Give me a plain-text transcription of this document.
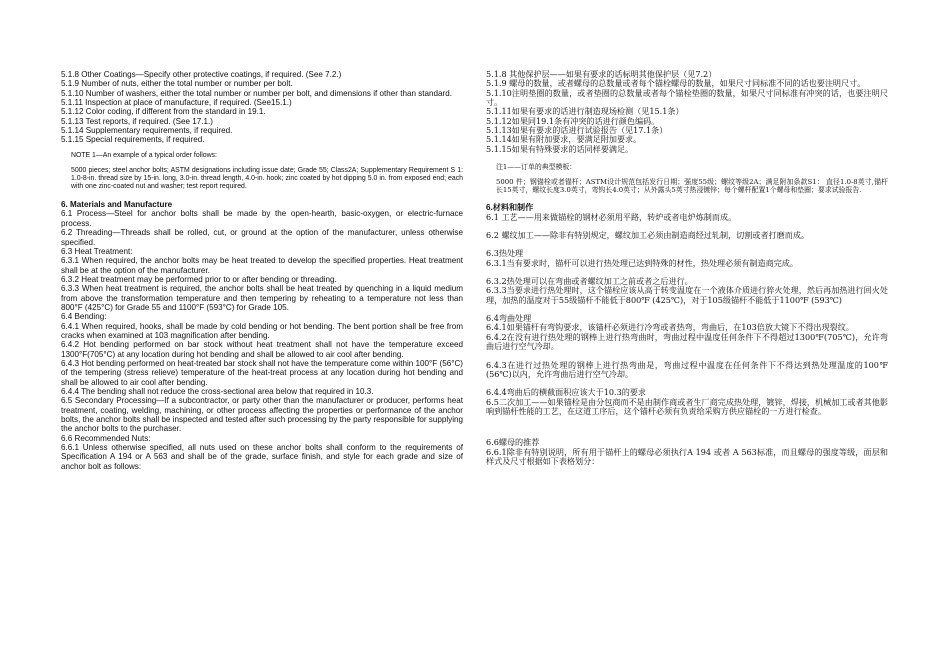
5.1.8 Other Coatings—Specify other protective coatings, if required. (See 7.2.)

5.1.9 Number of nuts, either the total number or number per bolt.

5.1.10 Number of washers, either the total number or number per bolt, and dimensions if other than standard.

5.1.11 Inspection at place of manufacture, if required. (See15.1.)

5.1.12 Color coding, if different from the standard in 19.1.

5.1.13 Test reports, if required. (See 17.1.)

5.1.14 Supplementary requirements, if required.

5.1.15 Special requirements, if required.

NOTE 1—An example of a typical order follows:

5000 pieces; steel anchor bolts; ASTM designations including issue date; Grade 55; Class2A; Supplementary Requirement S 1: 1.0-8-in. thread size by 15-in. long, 3.0-in. thread length, 4.0-in. hook; zinc coated by hot dipping 5.0 in. from exposed end; each with one zinc-coated nut and washer; test report required.

6. Materials and Manufacture

6.1 Process—Steel for anchor bolts shall be made by the open-hearth, basic-oxygen, or electric-furnace process.

6.2 Threading—Threads shall be rolled, cut, or ground at the option of the manufacturer, unless otherwise specified.

6.3 Heat Treatment:

6.3.1 When required, the anchor bolts may be heat treated to develop the specified properties. Heat treatment shall be at the option of the manufacturer.

6.3.2 Heat treatment may be performed prior to or after bending or threading.

6.3.3 When heat treatment is required, the anchor bolts shall be heat treated by quenching in a liquid medium from above the transformation temperature and then tempering by reheating to a temperature not less than 800°F (425°C) for Grade 55 and 1100°F (593°C) for Grade 105.

6.4 Bending:

6.4.1 When required, hooks, shall be made by cold bending or hot bending. The bent portion shall be free from cracks when examined at 103 magnification after bending.

6.4.2 Hot bending performed on bar stock without heat treatment shall not have the temperature exceed 1300°F(705°C) at any location during hot bending and shall be allowed to air cool after bending.

6.4.3 Hot bending performed on heat-treated bar stock shall not have the temperature come within 100°F (56°C) of the tempering (stress relieve) temperature of the heat-treat process at any location during hot bending and shall be allowed to air cool after bending.

6.4.4 The bending shall not reduce the cross-sectional area below that required in 10.3.

6.5 Secondary Processing—If a subcontractor, or party other than the manufacturer or producer, performs heat treatment, coating, welding, machining, or other process affecting the properties or performance of the anchor bolts, the anchor bolts shall be inspected and tested after such processing by the party responsible for supplying the anchor bolts to the purchaser.

6.6 Recommended Nuts:

6.6.1 Unless otherwise specified, all nuts used on these anchor bolts shall conform to the requirements of Specification A 194 or A 563 and shall be of the grade, surface finish, and style for each grade and size of anchor bolt as follows:

5.1.8 其他保护层——如果有要求的话标明其他保护层（见7.2）

5.1.9 螺母的数量，或者螺母的总数量或者每个锚栓螺母的数量，如果尺寸同标准不同的话也要注明尺寸。

5.1.10注明垫圈的数量，或者垫圈的总数量或者每个锚栓垫圈的数量，如果尺寸同标准有冲突的话，也要注明尺寸。

5.1.11如果有要求的话进行制造现场检测（见15.1条）

5.1.12如果同19.1条有冲突的话进行颜色编码。

5.1.13如果有要求的话进行试验报告（见17.1条）

5.1.14如果有附加要求，要满足附加要求。

5.1.15如果有特殊要求的话同样要满足。

注1——订单的典型模板：

5000 件；钢锚栓或者锚杆；ASTM设计规范包括发行日期；强度55级；螺纹等级2A；满足附加条款S1： 直径1.0-8英寸,锚杆长15英寸，螺纹长度3.0英寸，弯钩长4.0英寸；从外露头5英寸热浸镀锌；每个螺杆配置1个螺母和垫圈；要求试验报告.

6.材料和制作

6.1 工艺——用来做锚栓的钢材必须用平路，转炉或者电炉炼制而成。

6.2 螺纹加工——除非有特别规定，螺纹加工必须由制造商经过轧制，切割或者打磨而成。

6.3热处理

6.3.1当有要求时，锚杆可以进行热处理已达到特殊的材性，热处理必须有制造商完成。

6.3.2热处理可以在弯曲或者螺纹加工之前或者之后进行。

6.3.3当要求进行热处理时，这个锚栓应该从高于转变温度在一个液体介质进行猝火处理，然后再加热进行回火处理，加热的温度对于55级锚杆不能低于800℉ (425℃)，对于105级锚杆不能低于1100℉ (593℃)

6.4弯曲处理

6.4.1如果锚杆有弯钩要求，该锚杆必须进行冷弯或者热弯，弯曲后，在103倍放大镜下不得出现裂纹。

6.4.2在没有进行热处理的钢棒上进行热弯曲时，弯曲过程中温度任何条件下不得超过1300℉(705℃)，允许弯曲后进行空气冷却。

6.4.3在进行过热处理的钢棒上进行热弯曲是，弯曲过程中温度在任何条件下不得达到热处理温度的100℉ (56℃)以内，允许弯曲后进行空气冷却。

6.4.4弯曲后的横截面积应该大于10.3的要求

6.5二次加工——如果锚栓是由分包商而不是由制作商或者生厂商完成热处理，镀锌，焊接，机械加工或者其他影响到锚杆性能的工艺，在这道工序后，这个锚杆必须有负责给采购方供应锚栓的一方进行检查。

6.6螺母的推荐

6.6.1除非有特别说明，所有用于锚杆上的螺母必须执行A 194 或者 A 563标准，而且螺母的强度等级，面层和样式及尺寸根据如下表格划分：
